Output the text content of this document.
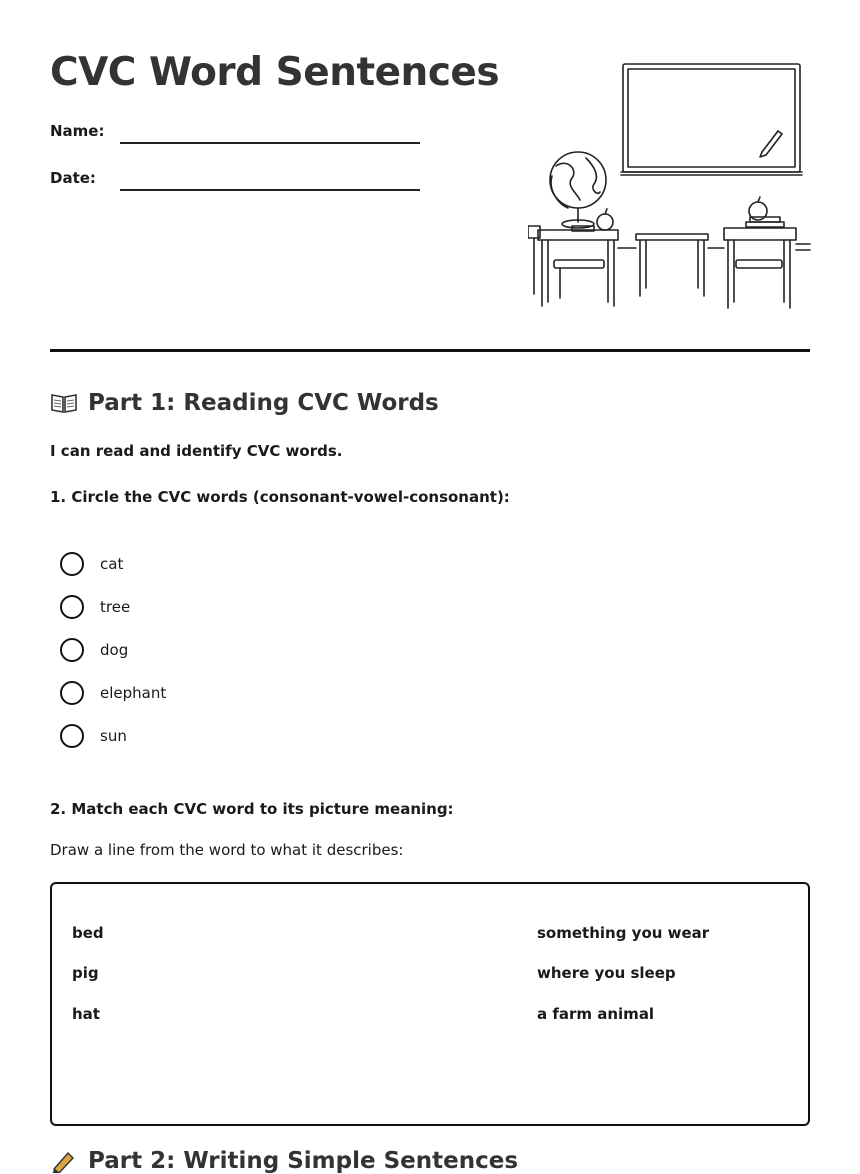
CVC Word Sentences
Name:
Date:
Part 1: Reading CVC Words
I can read and identify CVC words.
1. Circle the CVC words (consonant-vowel-consonant):
cat
tree
dog
elephant
sun
2. Match each CVC word to its picture meaning:
Draw a line from the word to what it describes:
bed
pig
hat
something you wear
where you sleep
a farm animal
Part 2: Writing Simple Sentences
